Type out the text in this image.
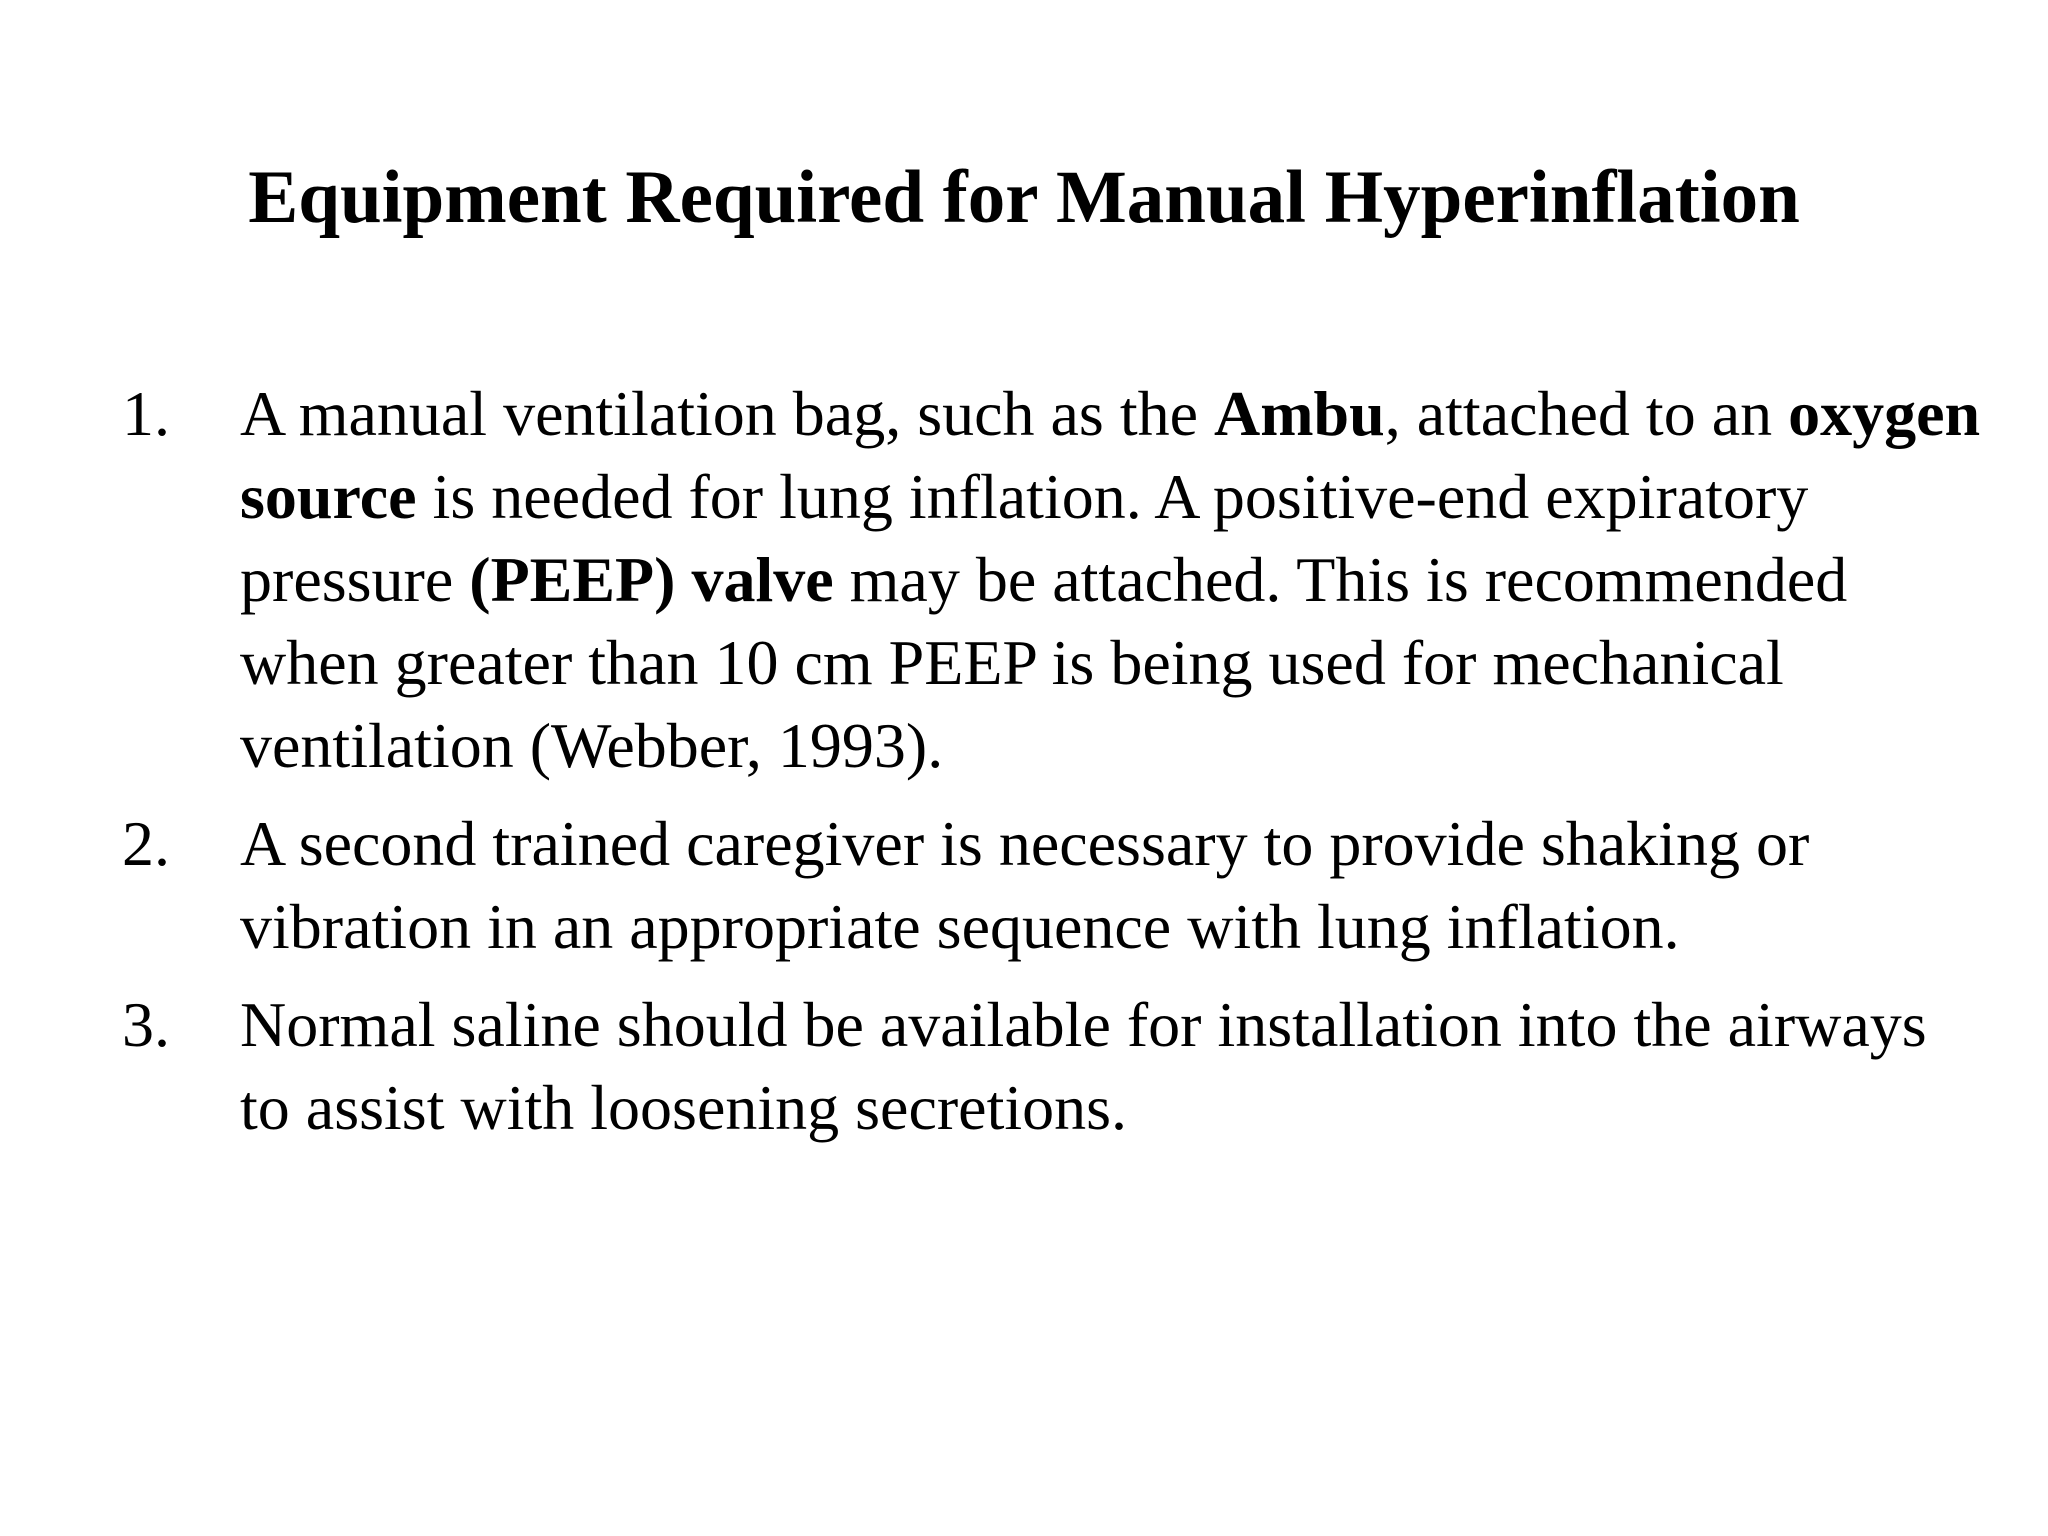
Equipment Required for Manual Hyperinflation
1. A manual ventilation bag, such as the Ambu, attached to an oxygen source is needed for lung inflation. A positive-end expiratory pressure (PEEP) valve may be attached. This is recommended when greater than 10 cm PEEP is being used for mechanical ventilation (Webber, 1993).
2. A second trained caregiver is necessary to provide shaking or vibration in an appropriate sequence with lung inflation.
3. Normal saline should be available for installation into the airways to assist with loosening secretions.
